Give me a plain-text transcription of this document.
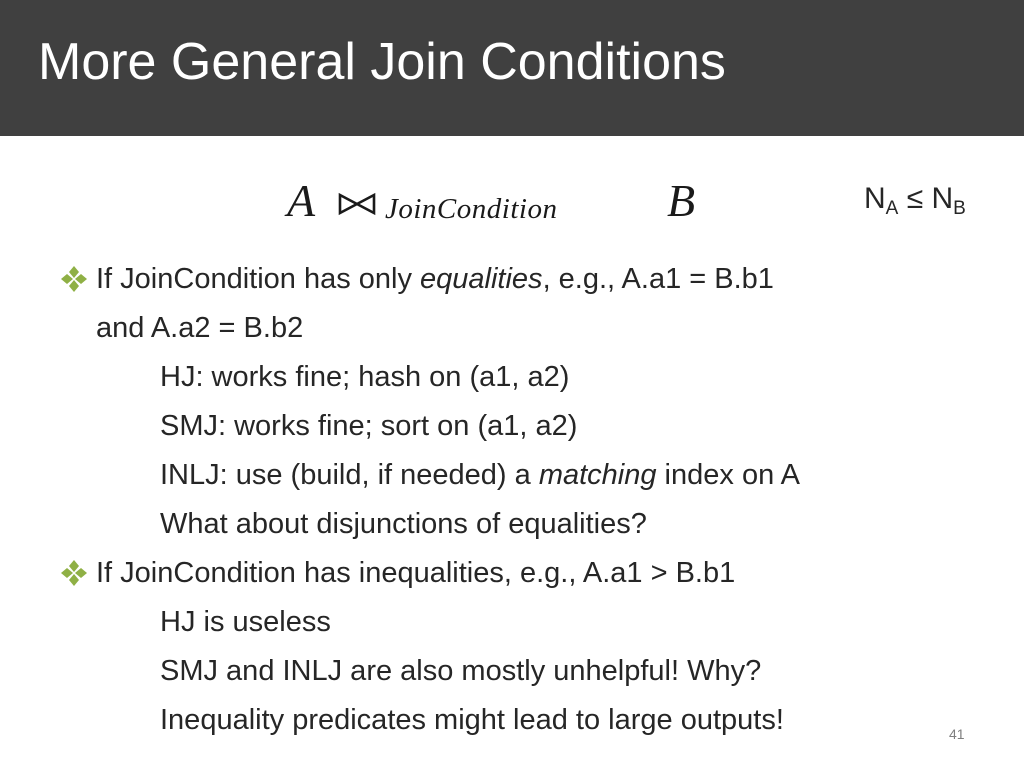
More General Join Conditions
A JoinCondition B	$N_A \le N_B$
If JoinCondition has only equalities, e.g., A.a1 = B.b1
and A.a2 = B.b2
HJ: works fine; hash on (a1, a2)
SMJ: works fine; sort on (a1, a2)
INLJ: use (build, if needed) a matching index on A
What about disjunctions of equalities?
If JoinCondition has inequalities, e.g., A.a1 > B.b1
HJ is useless
SMJ and INLJ are also mostly unhelpful! Why?
Inequality predicates might lead to large outputs!	41
